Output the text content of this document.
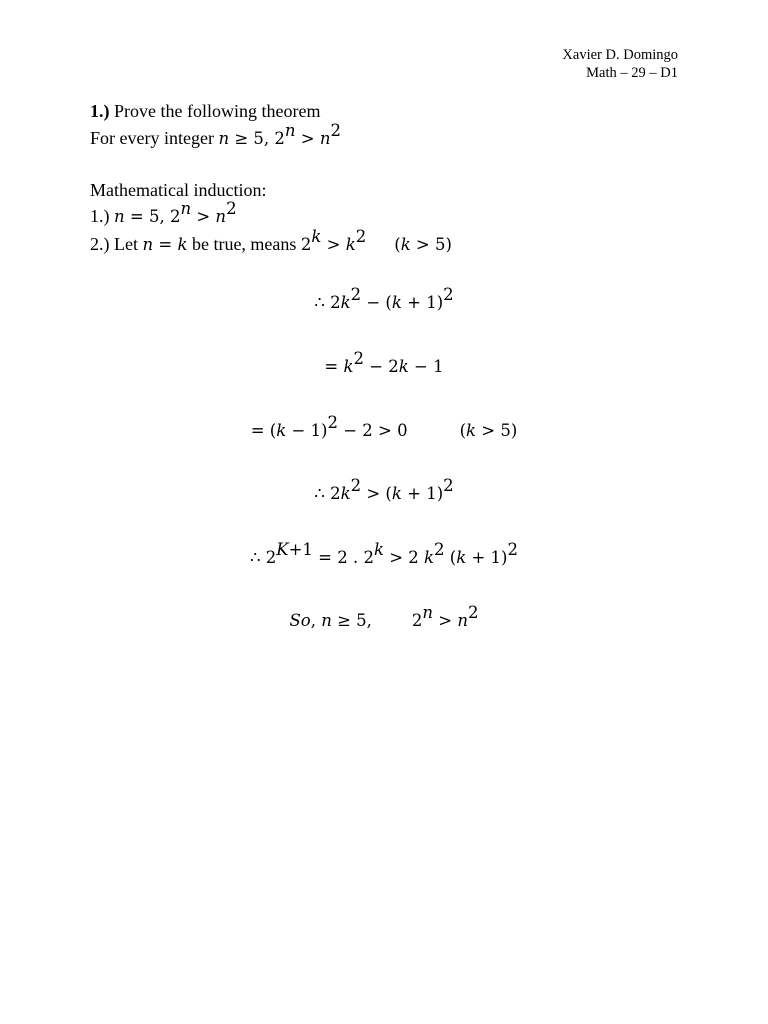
Xavier D. Domingo
Math – 29 – D1
1.) Prove the following theorem
For every integer n ≥ 5, $2^n > n^2$
Mathematical induction:
1.) n = 5, $2^n > n^2$
2.) Let n = k be true, means $2^k > k^2$ (k > 5)
∴ $2k^2 - (k + 1)^2$
= $k^2 - 2k - 1$
= $(k - 1)^2 - 2 > 0$	(k > 5)
∴ $2k^2 > (k + 1)^2$
∴ $2^{K+1} = 2$ . $2^k > 2$ $k^2$ $(k + 1)^2$
So, n ≥ 5, $2^n > n^2$
